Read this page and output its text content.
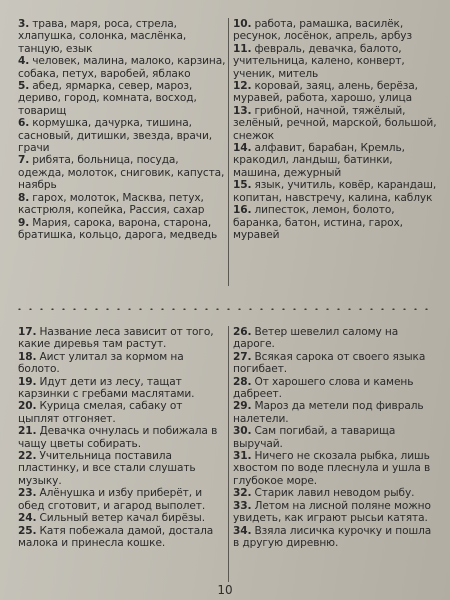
3. трава, маря, роса, стрела, хлапушка, солонка, маслёнка, танцую, езык

4. человек, малина, малоко, карзина, собака, петух, варобей, яблако

5. абед, ярмарка, север, мароз, дериво, город, комната, восход, товарищ

6. кормушка, дачурка, тишина, сасновый, дитишки, звезда, врачи, грачи

7. рибята, больница, посуда, одежда, молоток, сниговик, капуста, наябрь

8. гарох, молоток, Масква, петух, кастрюля, копейка, Рассия, сахар

9. Мария, сарока, варона, старона, братишка, кольцо, дарога, медведь

10. работа, рамашка, василёк, ресунок, лосёнок, апрель, арбуз

11. февраль, девачка, балото, учительница, калено, конверт, ученик, митель

12. коровай, заяц, алень, берёза, муравей, работа, харошо, улица

13. грибной, начной, тяжёлый, зелёный, речной, марской, большой, снежок

14. алфавит, барабан, Кремль, кракодил, ландыш, батинки, машина, дежурный

15. язык, учитиль, ковёр, карандаш, копитан, навстречу, калина, каблук

16. липесток, лемон, болото, баранка, батон, истина, гарох, муравей

17. Название леса зависит от того, какие диревья там растут.

18. Аист улитал за кормом на болото.

19. Идут дети из лесу, тащат карзинки с гребами маслятами.

20. Курица смелая, сабаку от цыплят отгоняет.

21. Девачка очнулась и побижала в чащу цветы собирать.

22. Учительница поставила пластинку, и все стали слушать музыку.

23. Алёнушка и избу приберёт, и обед сготовит, и агарод выполет.

24. Сильный ветер качал бирёзы.

25. Катя побежала дамой, достала малока и принесла кошке.

26. Ветер шевелил салому на дароге.

27. Всякая сарока от своего языка погибает.

28. От харошего слова и камень дабреет.

29. Мароз да метели под фивраль налетели.

30. Сам погибай, а таварища выручай.

31. Ничего не скозала рыбка, лишь хвостом по воде плеснула и ушла в глубокое море.

32. Старик лавил неводом рыбу.

33. Летом на лисной поляне можно увидеть, как играют рысьи катята.

34. Взяла лисичка курочку и пошла в другую диревню.

10
